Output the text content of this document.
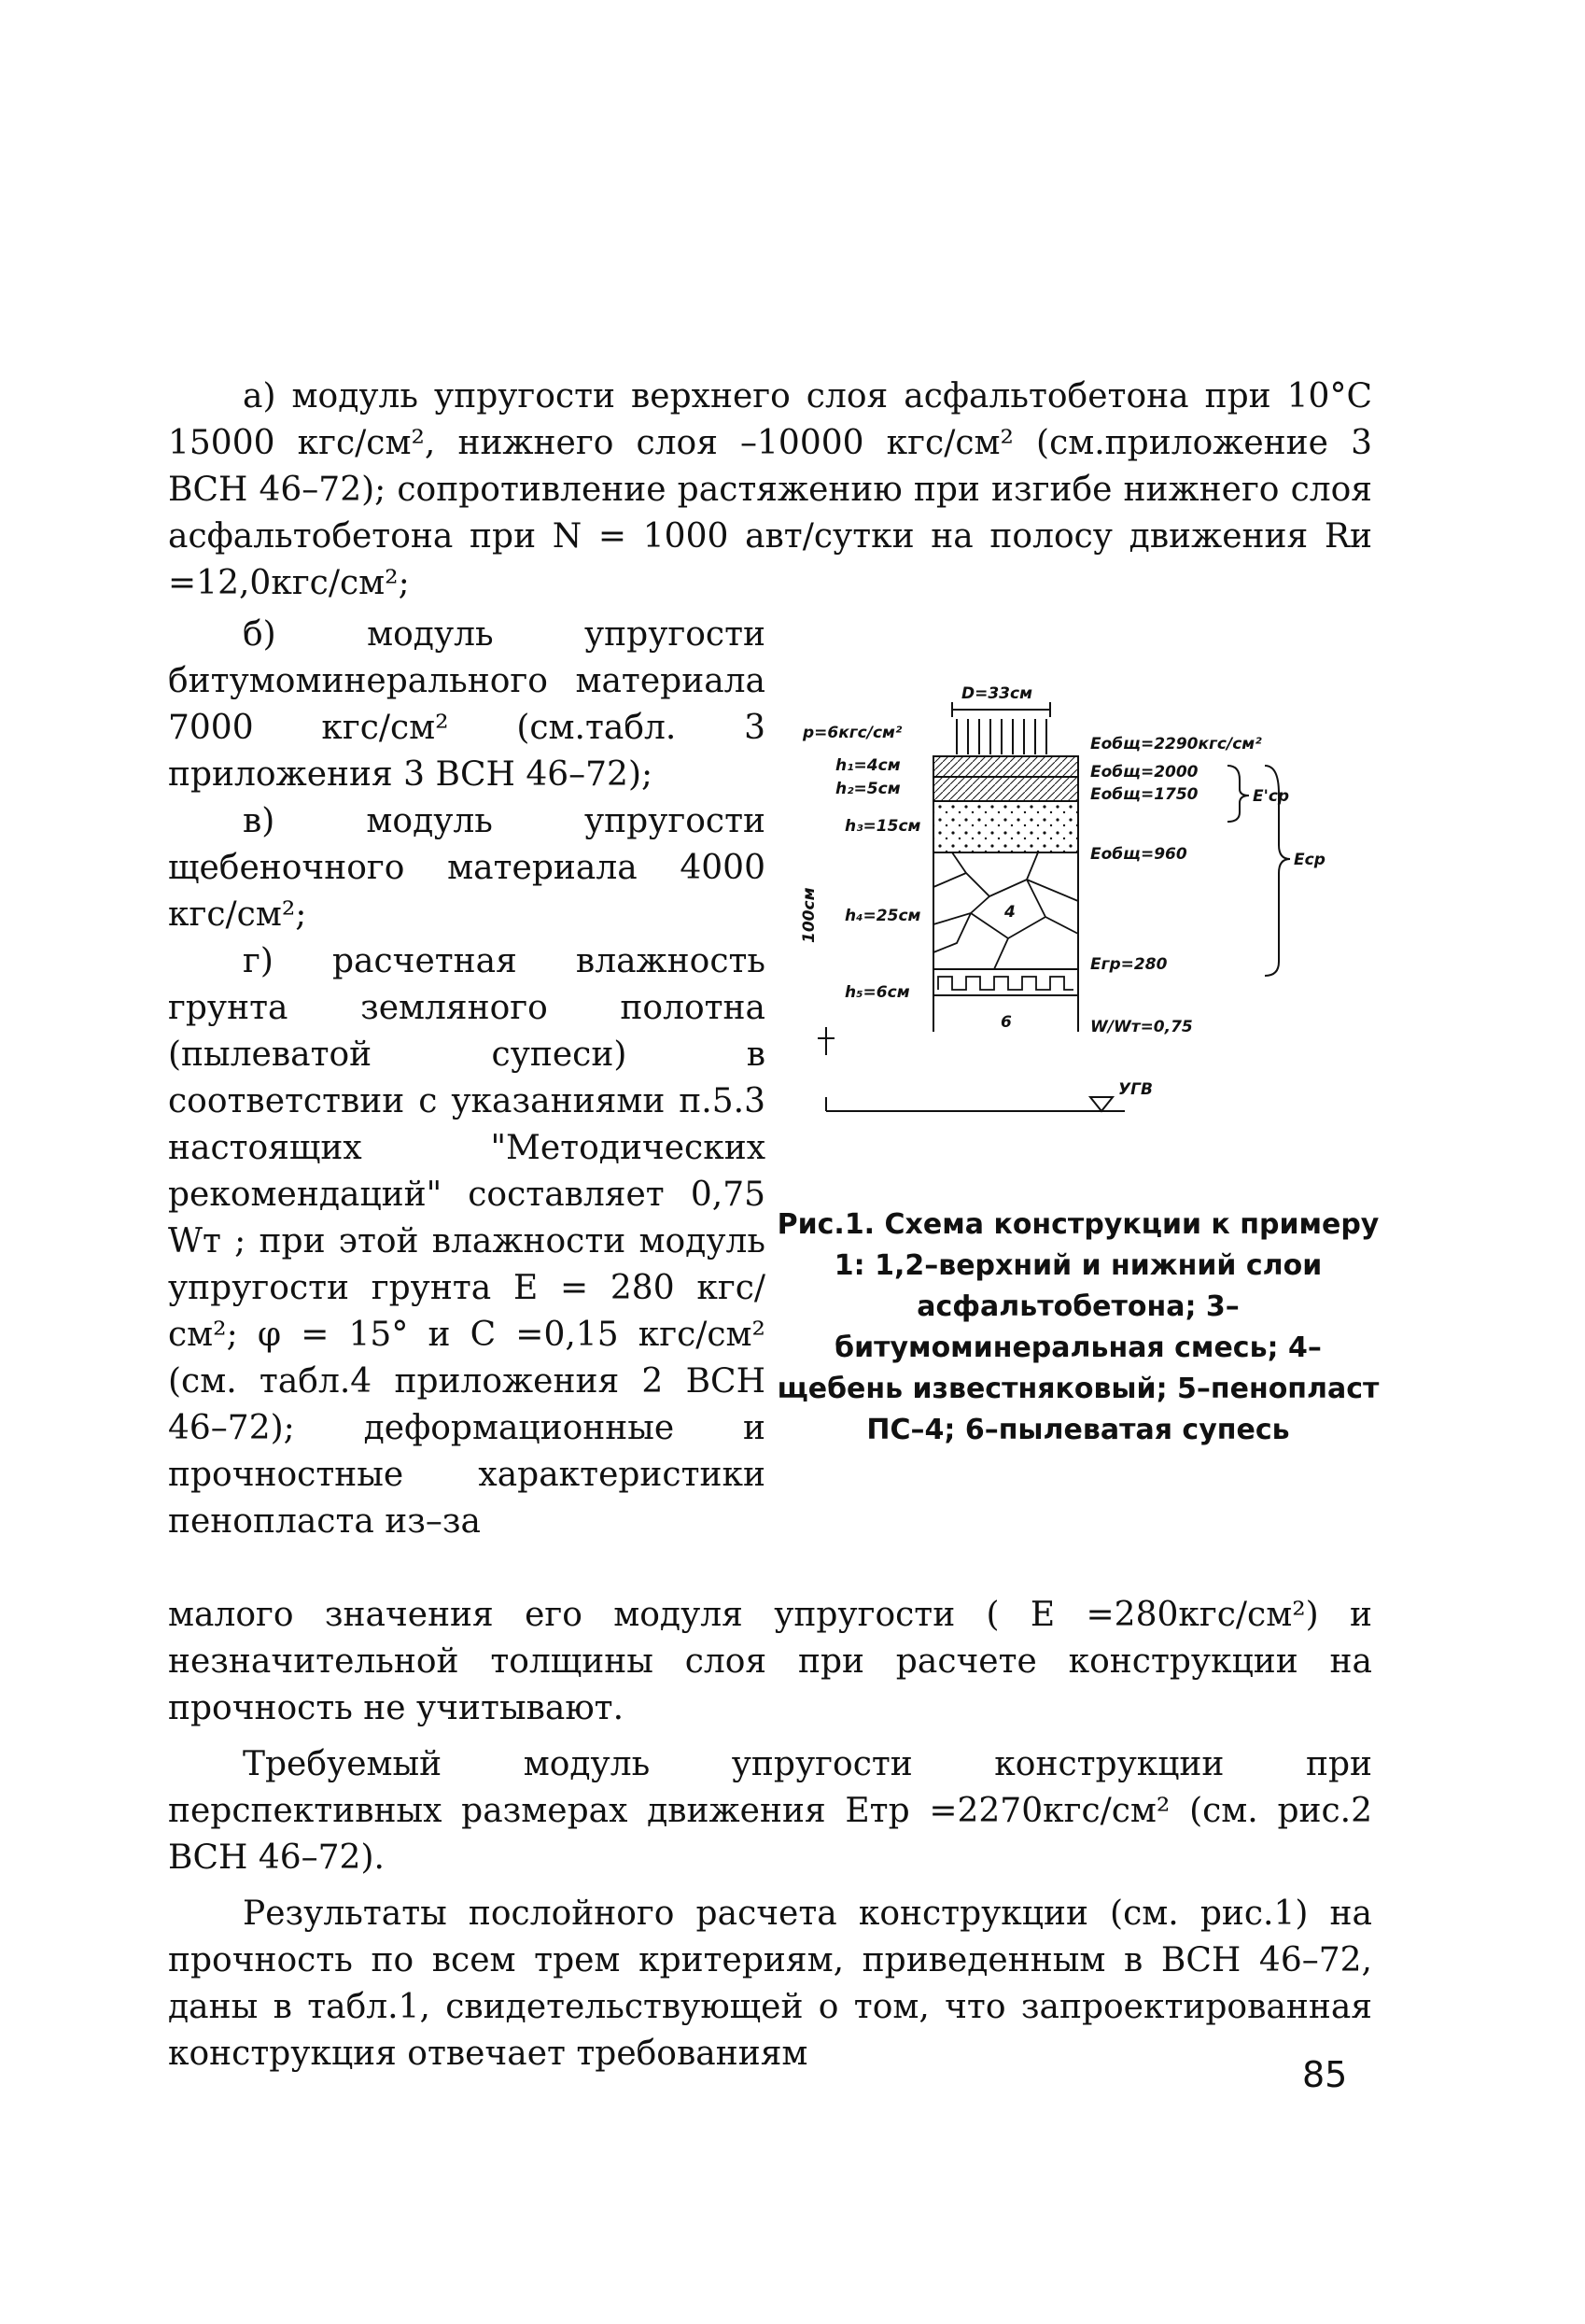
а) модуль упругости верхнего слоя асфальтобетона при 10°С 15000 кгс/см², нижнего слоя –10000 кгс/см² (см.приложение 3 ВСН 46–72); сопротивление растяжению при изгибе нижнего слоя асфальтобетона при N = 1000 авт/сутки на полосу движения Rи =12,0кгс/см²;

б) модуль упругости битумоминерального материала 7000 кгс/см² (см.табл. 3 приложения 3 ВСН 46–72);

в) модуль упругости щебеночного материала 4000 кгс/см²;

г) расчетная влажность грунта земляного полотна (пылеватой супеси) в соответствии с указаниями п.5.3 настоящих "Методических рекомендаций" составляет 0,75 Wт ; при этой влажности модуль упругости грунта E = 280 кгс/см²; φ = 15° и C =0,15 кгс/см² (см. табл.4 приложения 2 ВСН 46–72); деформационные и прочностные характеристики пенопласта из–за

малого значения его модуля упругости ( E =280кгс/см²) и незначительной толщины слоя при расчете конструкции на прочность не учитывают.

Требуемый модуль упругости конструкции при перспективных размерах движения Eтр =2270кгс/см² (см. рис.2 ВСН 46–72).

Результаты послойного расчета конструкции (см. рис.1) на прочность по всем трем критериям, приведенным в ВСН 46–72, даны в табл.1, свидетельствующей о том, что запроектированная конструкция отвечает требованиям

D=33см
p=6кгс/см²
4
6
h₁=4см
h₂=5см
h₃=15см
h₄=25см
h₅=6см
Eобщ=2290кгс/см²
Eобщ=2000
Eобщ=1750
Eобщ=960
Eгр=280
E'ср
Eср
100см
W/Wт=0,75
УГВ
Рис.1. Схема конструкции к примеру 1: 1,2–верхний и нижний слои асфальтобетона; 3–битумоминеральная смесь; 4–щебень известняковый; 5–пенопласт ПС–4; 6–пылеватая супесь
85
